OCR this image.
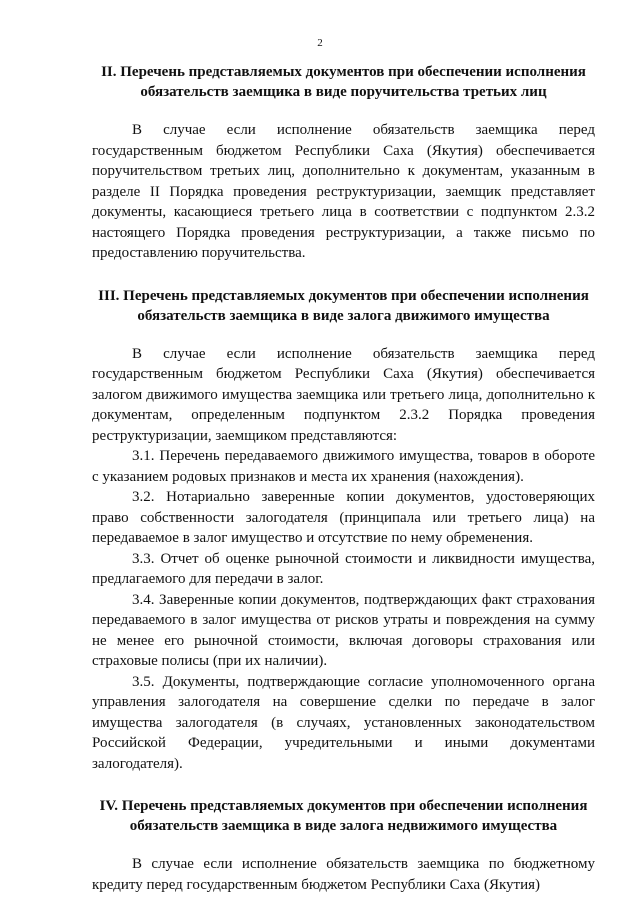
2
II. Перечень представляемых документов при обеспечении исполнения обязательств заемщика в виде поручительства третьих лиц

В случае если исполнение обязательств заемщика перед государственным бюджетом Республики Саха (Якутия) обеспечивается поручительством третьих лиц, дополнительно к документам, указанным в разделе II Порядка проведения реструктуризации, заемщик представляет документы, касающиеся третьего лица в соответствии с подпунктом 2.3.2 настоящего Порядка проведения реструктуризации, а также письмо по предоставлению поручительства.

III. Перечень представляемых документов при обеспечении исполнения обязательств заемщика в виде залога движимого имущества

В случае если исполнение обязательств заемщика перед государственным бюджетом Республики Саха (Якутия) обеспечивается залогом движимого имущества заемщика или третьего лица, дополнительно к документам, определенным подпунктом 2.3.2 Порядка проведения реструктуризации, заемщиком представляются:

3.1. Перечень передаваемого движимого имущества, товаров в обороте с указанием родовых признаков и места их хранения (нахождения).

3.2. Нотариально заверенные копии документов, удостоверяющих право собственности залогодателя (принципала или третьего лица) на передаваемое в залог имущество и отсутствие по нему обременения.

3.3. Отчет об оценке рыночной стоимости и ликвидности имущества, предлагаемого для передачи в залог.

3.4. Заверенные копии документов, подтверждающих факт страхования передаваемого в залог имущества от рисков утраты и повреждения на сумму не менее его рыночной стоимости, включая договоры страхования или страховые полисы (при их наличии).

3.5. Документы, подтверждающие согласие уполномоченного органа управления залогодателя на совершение сделки по передаче в залог имущества залогодателя (в случаях, установленных законодательством Российской Федерации, учредительными и иными документами залогодателя).

IV. Перечень представляемых документов при обеспечении исполнения обязательств заемщика в виде залога недвижимого имущества

В случае если исполнение обязательств заемщика по бюджетному кредиту перед государственным бюджетом Республики Саха (Якутия)
